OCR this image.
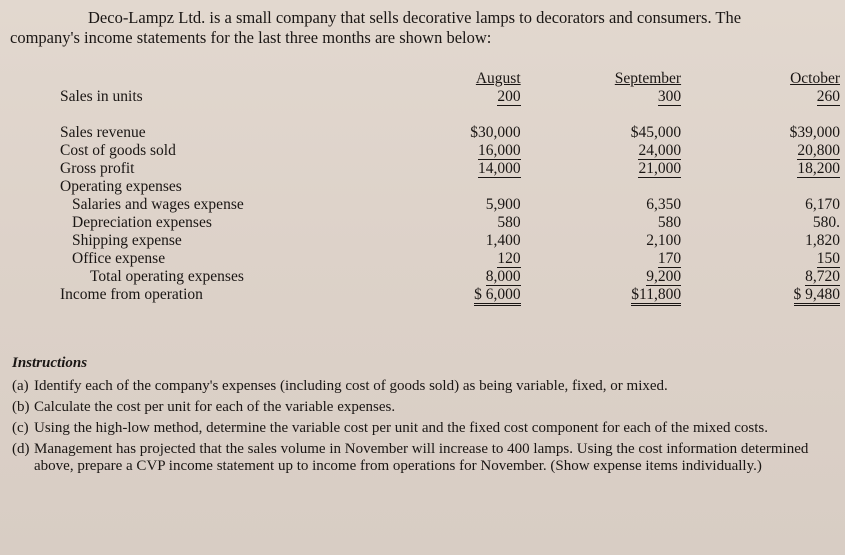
Deco-Lampz Ltd. is a small company that sells decorative lamps to decorators and consumers. The

company's income statements for the last three months are shown below:

	August	September	October
Sales in units	200	300	260

Sales revenue	$30,000	$45,000	$39,000
Cost of goods sold	16,000	24,000	20,800
Gross profit	14,000	21,000	18,200
Operating expenses			
Salaries and wages expense	5,900	6,350	6,170
Depreciation expenses	580	580	580.
Shipping expense	1,400	2,100	1,820
Office expense	120	170	150
Total operating expenses	8,000	9,200	8,720
Income from operation	$ 6,000	$11,800	$ 9,480
Instructions
(a) Identify each of the company's expenses (including cost of goods sold) as being variable, fixed, or mixed.
(b) Calculate the cost per unit for each of the variable expenses.
(c) Using the high-low method, determine the variable cost per unit and the fixed cost component for each of the mixed costs.
(d) Management has projected that the sales volume in November will increase to 400 lamps. Using the cost information determined above, prepare a CVP income statement up to income from operations for November. (Show expense items individually.)
